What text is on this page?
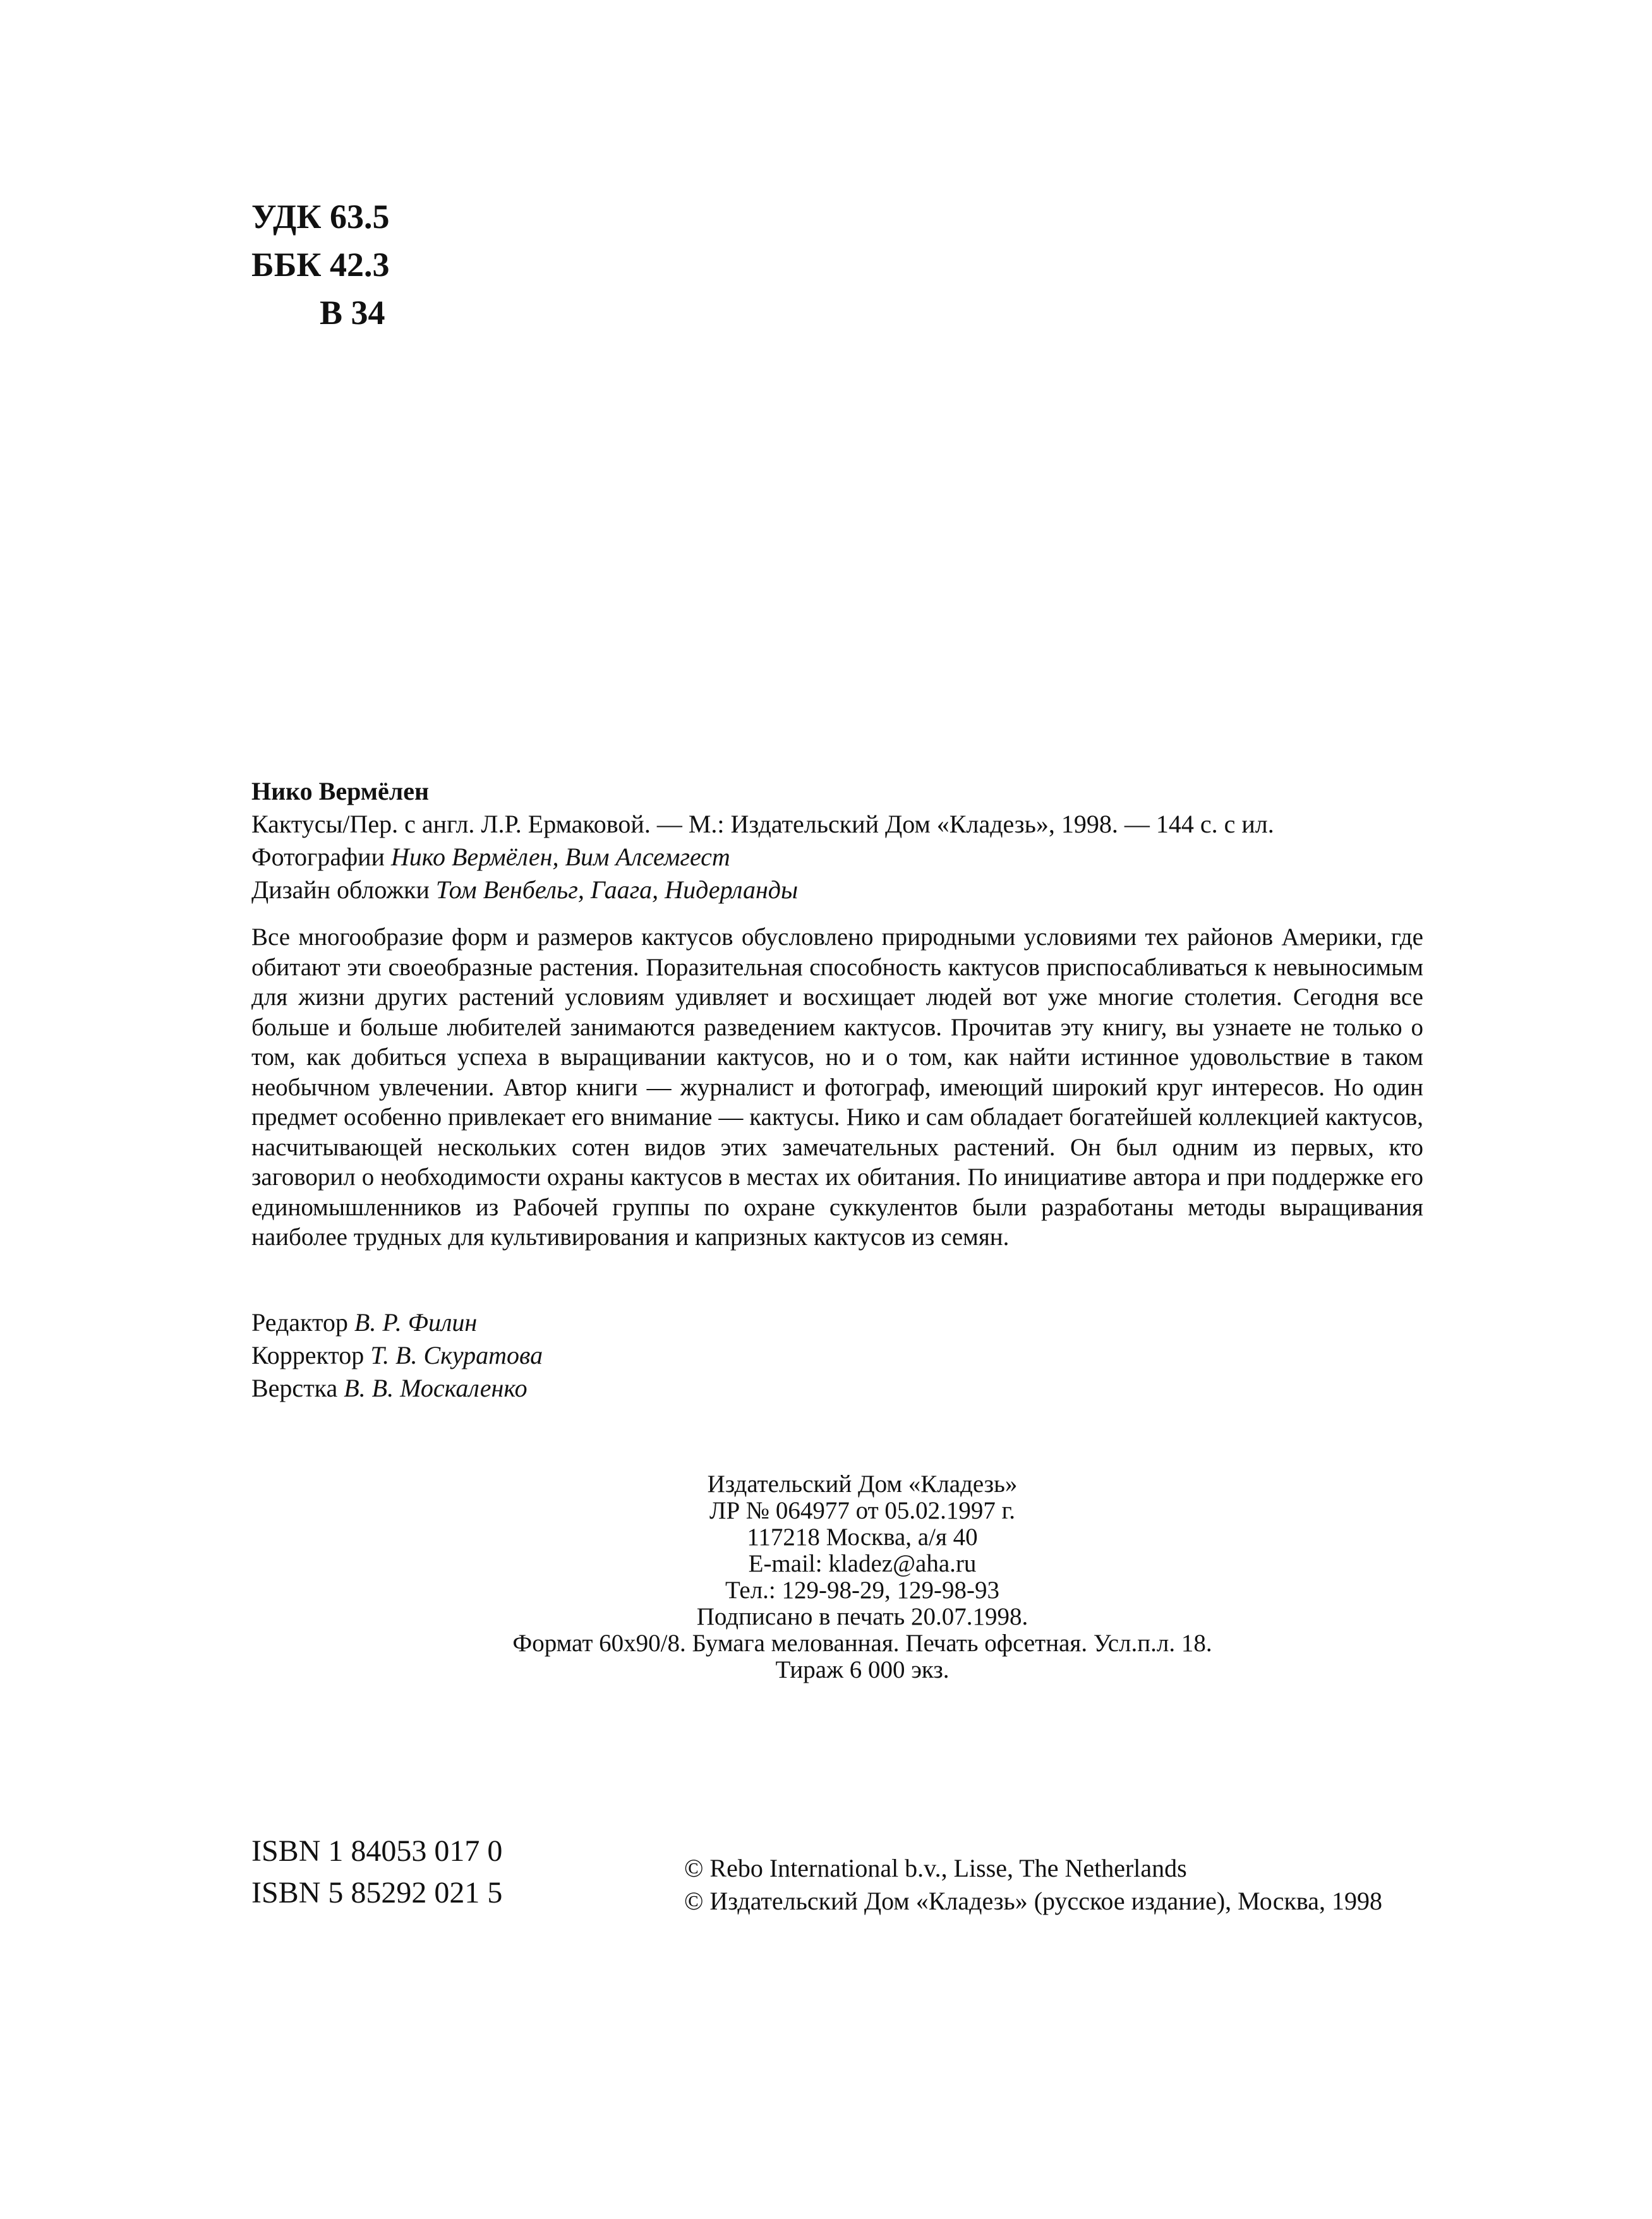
УДК 63.5
ББК 42.3
В 34
Нико Вермёлен
Кактусы/Пер. с англ. Л.Р. Ермаковой. — М.: Издательский Дом «Кладезь», 1998. — 144 с. с ил.
Фотографии Нико Вермёлен, Вим Алсемгест
Дизайн обложки Том Венбельг, Гаага, Нидерланды
Все многообразие форм и размеров кактусов обусловлено природными условиями тех районов Америки, где обитают эти своеобразные растения. Поразительная способность кактусов приспосабливаться к невыносимым для жизни других растений условиям удивляет и восхищает людей вот уже многие столетия. Сегодня все больше и больше любителей занимаются разведением кактусов. Прочитав эту книгу, вы узнаете не только о том, как добиться успеха в выращивании кактусов, но и о том, как найти истинное удовольствие в таком необычном увлечении. Автор книги — журналист и фотограф, имеющий широкий круг интересов. Но один предмет особенно привлекает его внимание — кактусы. Нико и сам обладает богатейшей коллекцией кактусов, насчитывающей нескольких сотен видов этих замечательных растений. Он был одним из первых, кто заговорил о необходимости охраны кактусов в местах их обитания. По инициативе автора и при поддержке его единомышленников из Рабочей группы по охране суккулентов были разработаны методы выращивания наиболее трудных для культивирования и капризных кактусов из семян.
Редактор В. Р. Филин
Корректор Т. В. Скуратова
Верстка В. В. Москаленко
Издательский Дом «Кладезь»
ЛР № 064977 от 05.02.1997 г.
117218 Москва, а/я 40
E-mail: kladez@aha.ru
Тел.: 129-98-29, 129-98-93
Подписано в печать 20.07.1998.
Формат 60x90/8. Бумага мелованная. Печать офсетная. Усл.п.л. 18.
Тираж 6 000 экз.
ISBN 1 84053 017 0
ISBN 5 85292 021 5
© Rebo International b.v., Lisse, The Netherlands
© Издательский Дом «Кладезь» (русское издание), Москва, 1998
